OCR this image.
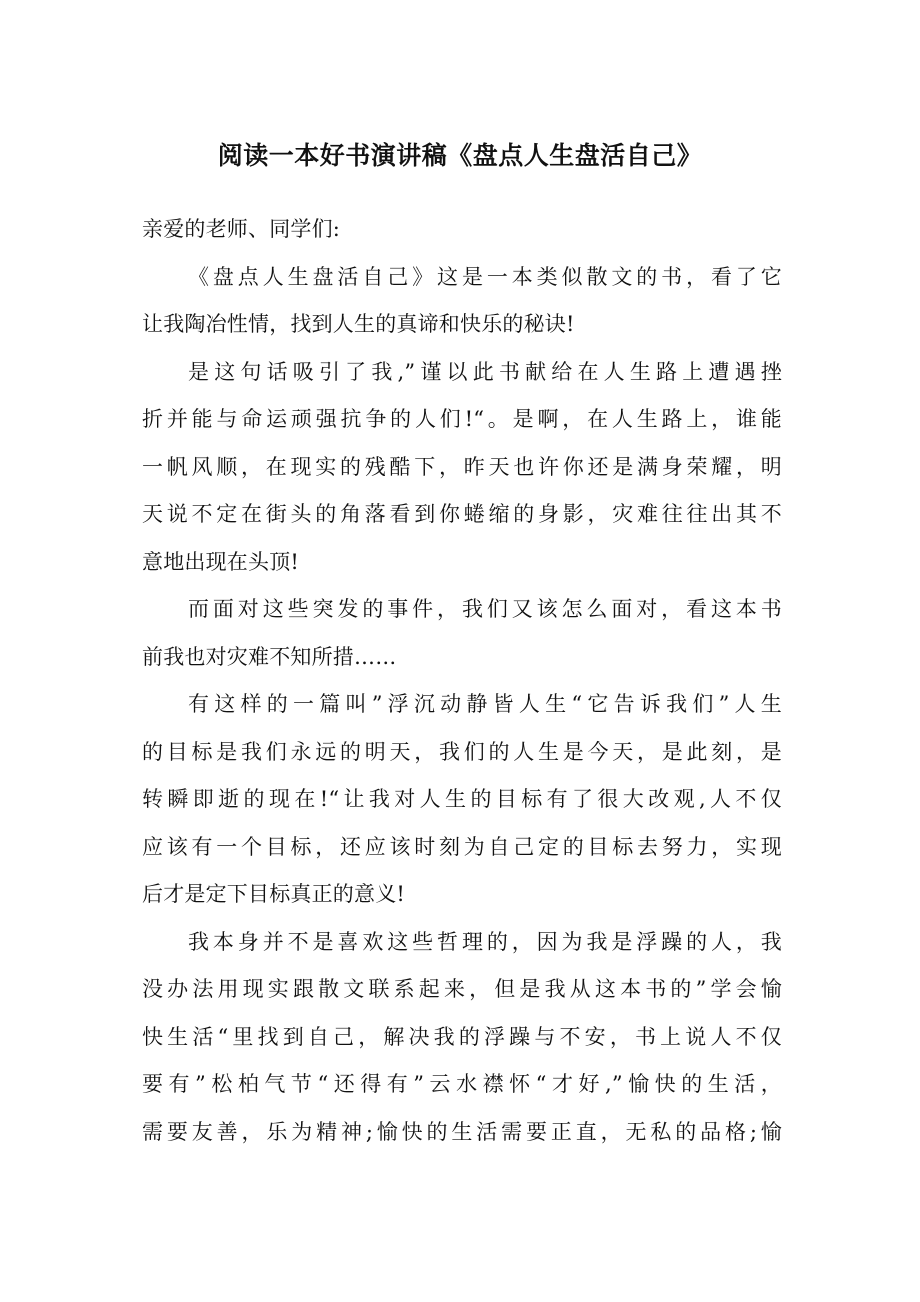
阅读一本好书演讲稿《盘点人生盘活自己》
亲爱的老师、同学们:
《盘点人生盘活自己》这是一本类似散文的书，看了它
让我陶冶性情，找到人生的真谛和快乐的秘诀!
是这句话吸引了我,”谨以此书献给在人生路上遭遇挫
折并能与命运顽强抗争的人们!“。是啊，在人生路上，谁能
一帆风顺，在现实的残酷下，昨天也许你还是满身荣耀，明
天说不定在街头的角落看到你蜷缩的身影，灾难往往出其不
意地出现在头顶!
而面对这些突发的事件，我们又该怎么面对，看这本书
前我也对灾难不知所措……
有这样的一篇叫”浮沉动静皆人生“它告诉我们”人生
的目标是我们永远的明天，我们的人生是今天，是此刻，是
转瞬即逝的现在!“让我对人生的目标有了很大改观,人不仅
应该有一个目标，还应该时刻为自己定的目标去努力，实现
后才是定下目标真正的意义!
我本身并不是喜欢这些哲理的，因为我是浮躁的人，我
没办法用现实跟散文联系起来，但是我从这本书的”学会愉
快生活“里找到自己，解决我的浮躁与不安，书上说人不仅
要有”松柏气节“还得有”云水襟怀“才好,”愉快的生活，
需要友善，乐为精神;愉快的生活需要正直，无私的品格;愉
